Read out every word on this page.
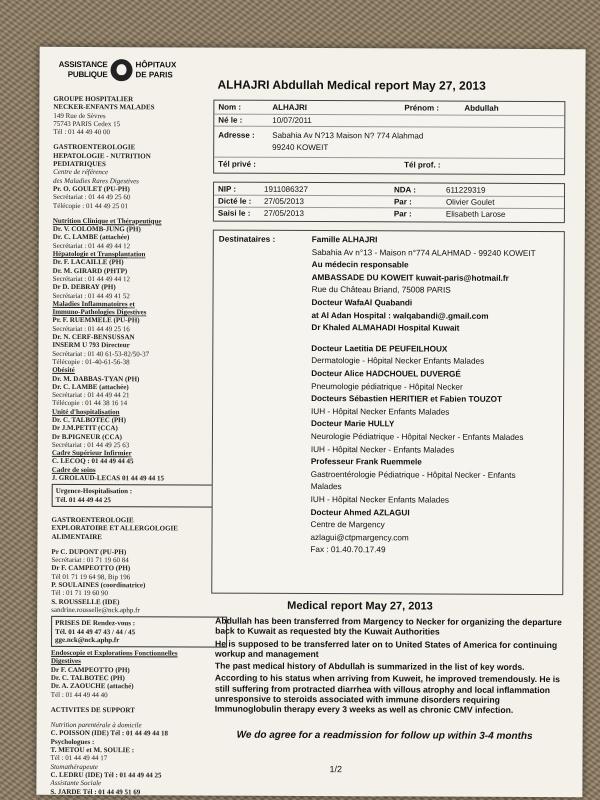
ASSISTANCE
PUBLIQUE
HÔPITAUX
DE PARIS
ALHAJRI Abdullah Medical report May 27, 2013
GROUPE HOSPITALIER
NECKER-ENFANTS MALADES
149 Rue de Sèvres
75743 PARIS Cedex 15
Tél : 01 44 49 40 00
GASTROENTEROLOGIE
HEPATOLOGIE - NUTRITION
PEDIATRIQUES
Centre de référence
des Maladies Rares Digestives
Pr. O. GOULET (PU-PH)
Secrétariat : 01 44 49 25 60
Télécopie : 01 44 49 25 01
Nutrition Clinique et Thérapeutique
Dr. V. COLOMB-JUNG (PH)
Dr. C. LAMBE (attachée)
Secrétariat : 01 44 49 44 12
Hépatologie et Transplantation
Dr. F. LACAILLE (PH)
Dr. M. GIRARD (PHTP)
Secrétariat : 01 44 49 44 12
Dr D. DEBRAY (PH)
Secrétariat : 01 44 49 41 52
Maladies Inflammatoires et
Immuno-Pathologies Digestives
Pr. F. RUEMMELE (PU-PH)
Secrétariat : 01 44 49 25 16
Dr. N. CERF-BENSUSSAN
INSERM U 793 Directeur
Secrétariat : 01 40 61-53-82/50-37
Télécopie : 01-40-61-56-38
Obésité
Dr. M. DABBAS-TYAN (PH)
Dr. C. LAMBE (attachée)
Secrétariat : 01 44 49 44 21
Télécopie : 01 44 38 16 14
Unité d'hospitalisation
Dr. C. TALBOTEC (PH)
Dr J.M.PETIT (CCA)
Dr B.PIGNEUR (CCA)
Secrétariat : 01 44 49 25 63
Cadre Supérieur Infirmier
C. LECOQ : 01 44 49 44 45
Cadre de soins
J. GROLAUD-LECAS 01 44 49 44 15
Urgence-Hospitalisation :
Tél. 01 44 49 44 25
GASTROENTEROLOGIE
EXPLORATOIRE ET ALLERGOLOGIE
ALIMENTAIRE
Pr C. DUPONT (PU-PH)
Secrétariat : 01 71 19 60 84
Dr F. CAMPEOTTO (PH)
Tél 01 71 19 64 98, Bip 196
P. SOULAINES (coordinatrice)
Tél : 01 71 19 60 90
S. ROUSSELLE (IDE)
sandrine.rousselle@nck.aphp.fr
PRISES DE Rendez-vous :
Tél. 01 44 49 47 43 / 44 / 45
gge.nck@nck.aphp.fr
Endoscopie et Explorations Fonctionnelles
Digestives
Dr F. CAMPEOTTO (PH)
Dr. C. TALBOTEC (PH)
Dr. A. ZAOUCHE (attaché)
Tél : 01 44 49 44 40
ACTIVITES DE SUPPORT
Nutrition parentérale à domicile
C. POISSON (IDE) Tél : 01 44 49 44 18
Psychologues :
T. METOU et M. SOULIE :
Tél : 01 44 49 44 17
Stomathérapeute
C. LEDRU (IDE) Tél : 01 44 49 44 25
Assistante Sociale
S. JARDE Tél : 01 44 49 51 69
Nom :	ALHAJRI	Prénom :	Abdullah
Né le :	10/07/2011
Adresse : Sabahia Av N?13 Maison N? 774 Alahmad
99240 KOWEIT
Tél privé :	Tél prof. :
NIP :	1911086327	NDA :	611229319
Dicté le : 27/05/2013	Par :	Olivier Goulet
Saisi le : 27/05/2013	Par :	Elisabeth Larose
Destinataires :	Famille ALHAJRI
Sabahia Av n°13 - Maison n°774 ALAHMAD - 99240 KOWEIT
Au médecin responsable
AMBASSADE DU KOWEIT kuwait-paris@hotmail.fr
Rue du Château Briand, 75008 PARIS
Docteur WafaAl Quabandi
at Al Adan Hospital : walqabandi@.gmail.com
Dr Khaled ALMAHADI Hospital Kuwait
Docteur Laetitia DE PEUFEILHOUX
Dermatologie - Hôpital Necker Enfants Malades
Docteur Alice HADCHOUEL DUVERGÉ
Pneumologie pédiatrique - Hôpital Necker
Docteurs Sébastien HERITIER et Fabien TOUZOT
IUH - Hôpital Necker Enfants Malades
Docteur Marie HULLY
Neurologie Pédiatrique - Hôpital Necker - Enfants Malades
IUH - Hôpital Necker - Enfants Malades
Professeur Frank Ruemmele
Gastroentérologie Pédiatrique - Hôpital Necker - Enfants
Malades
IUH - Hôpital Necker Enfants Malades
Docteur Ahmed AZLAGUI
Centre de Margency
azlagui@ctpmargency.com
Fax : 01.40.70.17.49
Medical report May 27, 2013

Abdullah has been transferred from Margency to Necker for organizing the departure back to Kuwait as requested bty the Kuwait Authorities

He is supposed to be transferred later on to United States of America for continuing workup and management

The past medical history of Abdullah is summarized in the list of key words.

According to his status when arriving from Kuweit, he improved tremendously. He is still suffering from protracted diarrhea with villous atrophy and local inflammation unresponsive to steroids associated with immune disorders requiring Immunoglobulin therapy every 3 weeks as well as chronic CMV infection.

We do agree for a readmission for follow up within 3-4 months
1/2
